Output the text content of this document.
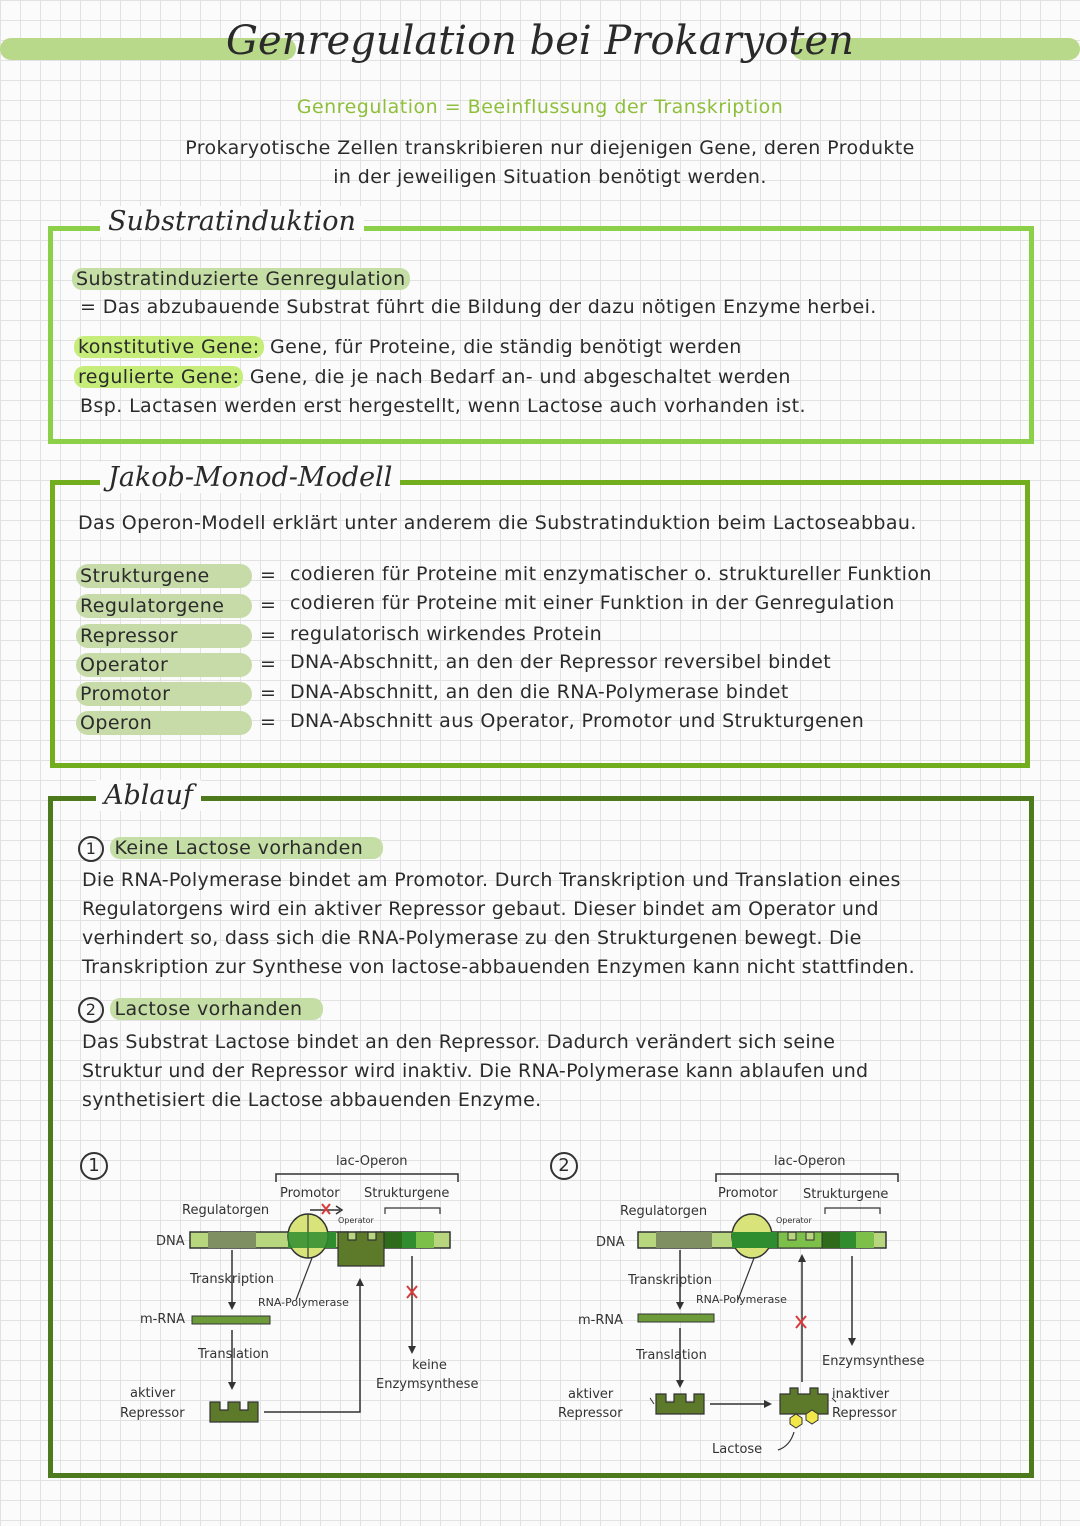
Genregulation bei Prokaryoten
Genregulation = Beeinflussung der Transkription
Prokaryotische Zellen transkribieren nur diejenigen Gene, deren Produkte
in der jeweiligen Situation benötigt werden.
Substratinduktion
Substratinduzierte Genregulation
= Das abzubauende Substrat führt die Bildung der dazu nötigen Enzyme herbei.
konstitutive Gene: Gene, für Proteine, die ständig benötigt werden
regulierte Gene: Gene, die je nach Bedarf an- und abgeschaltet werden
Bsp. Lactasen werden erst hergestellt, wenn Lactose auch vorhanden ist.
Jakob-Monod-Modell
Das Operon-Modell erklärt unter anderem die Substratinduktion beim Lactoseabbau.
Strukturgene	= codieren für Proteine mit enzymatischer o. struktureller Funktion
Regulatorgene	= codieren für Proteine mit einer Funktion in der Genregulation
Repressor	= regulatorisch wirkendes Protein
Operator	= DNA-Abschnitt, an den der Repressor reversibel bindet
Promotor	= DNA-Abschnitt, an den die RNA-Polymerase bindet
Operon	= DNA-Abschnitt aus Operator, Promotor und Strukturgenen
Ablauf
1 Keine Lactose vorhanden
Die RNA-Polymerase bindet am Promotor. Durch Transkription und Translation eines
Regulatorgens wird ein aktiver Repressor gebaut. Dieser bindet am Operator und
verhindert so, dass sich die RNA-Polymerase zu den Strukturgenen bewegt. Die
Transkription zur Synthese von lactose-abbauenden Enzymen kann nicht stattfinden.
2 Lactose vorhanden
Das Substrat Lactose bindet an den Repressor. Dadurch verändert sich seine
Struktur und der Repressor wird inaktiv. Die RNA-Polymerase kann ablaufen und
synthetisiert die Lactose abbauenden Enzyme.
1	lac-Operon
Promotor Strukturgene
Regulatorgen
Operator
DNA
Transkription
RNA-Polymerase
m-RNA
Translation
keine
Enzymsynthese
aktiver
Repressor
2	lac-Operon
Promotor Strukturgene
Regulatorgen
Operator
DNA
Transkription
RNA-Polymerase
m-RNA
Translation	Enzymsynthese
aktiver
Repressor
inaktiver
Repressor
Lactose
